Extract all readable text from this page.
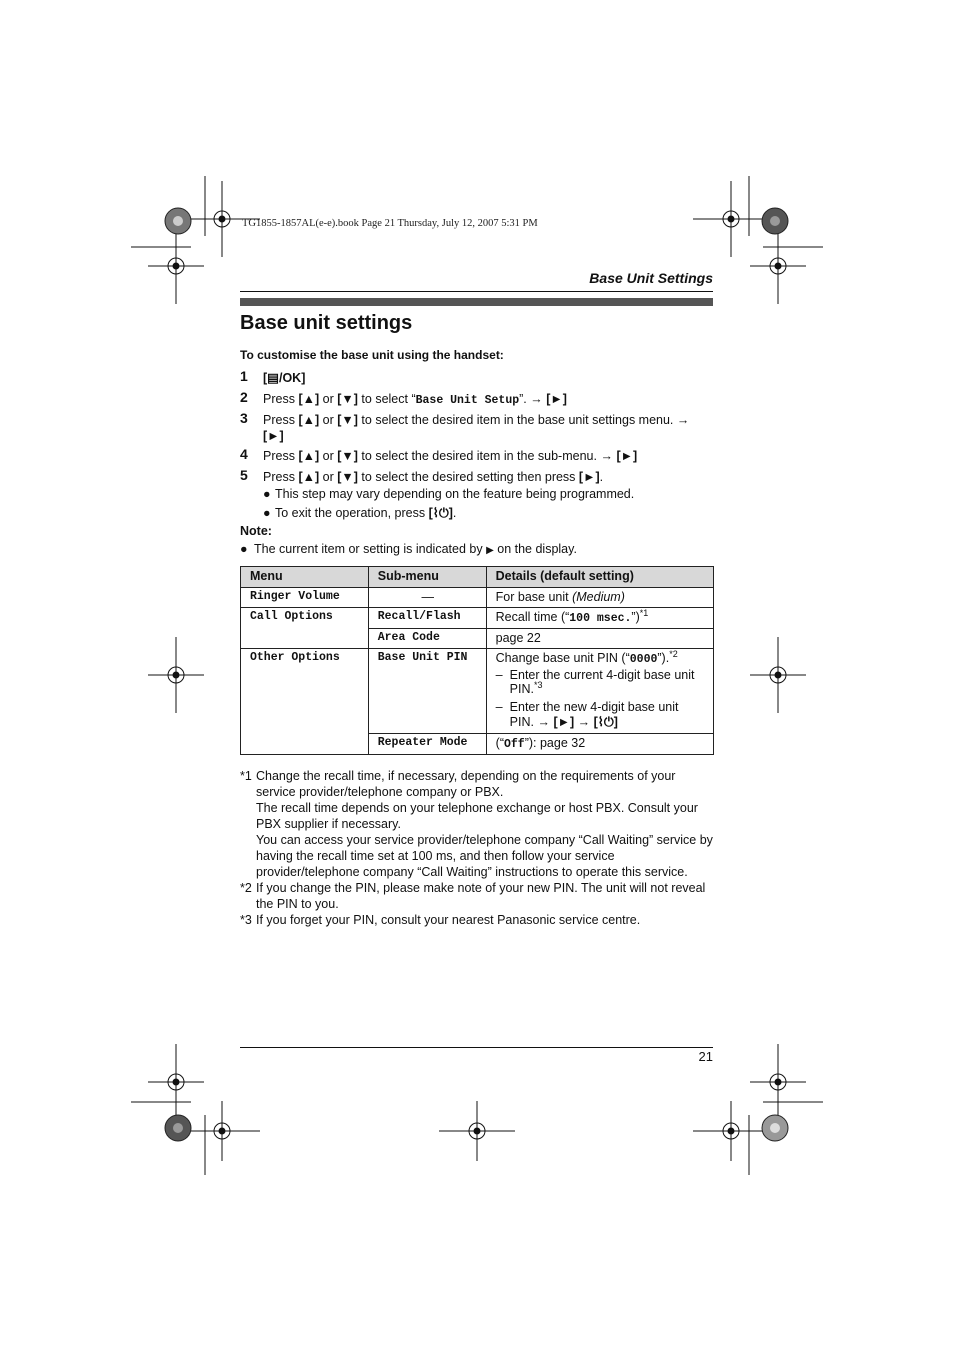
TG1855-1857AL(e-e).book Page 21 Thursday, July 12, 2007 5:31 PM
Base Unit Settings
Base unit settings
To customise the base unit using the handset:
1 [▤/OK]
2 Press [▲] or [▼] to select “Base Unit Setup”. → [►]
3 Press [▲] or [▼] to select the desired item in the base unit settings menu. →
[►]
4 Press [▲] or [▼] to select the desired item in the sub-menu. → [►]
5 Press [▲] or [▼] to select the desired setting then press [►].
● This step may vary depending on the feature being programmed.
● To exit the operation, press [⌇⏻].
Note:
● The current item or setting is indicated by ▶ on the display.
Menu	Sub-menu	Details (default setting)
Ringer Volume	—	For base unit (Medium)
Call Options	Recall/Flash	Recall time (“100 msec.”)$^{*1}$
	Area Code	page 22
Other Options	Base Unit PIN	Change base unit PIN (“0000”).$^{*2}$
– Enter the current 4-digit base unit PIN.$^{*3}$
– Enter the new 4-digit base unit PIN. → [►] → [⌇⏻]

	Repeater Mode	(“Off”): page 32
*1 Change the recall time, if necessary, depending on the requirements of your service provider/telephone company or PBX.
The recall time depends on your telephone exchange or host PBX. Consult your PBX supplier if necessary.
You can access your service provider/telephone company “Call Waiting” service by having the recall time set at 100 ms, and then follow your service provider/telephone company “Call Waiting” instructions to operate this service.
*2 If you change the PIN, please make note of your new PIN. The unit will not reveal the PIN to you.
*3 If you forget your PIN, consult your nearest Panasonic service centre.
21
